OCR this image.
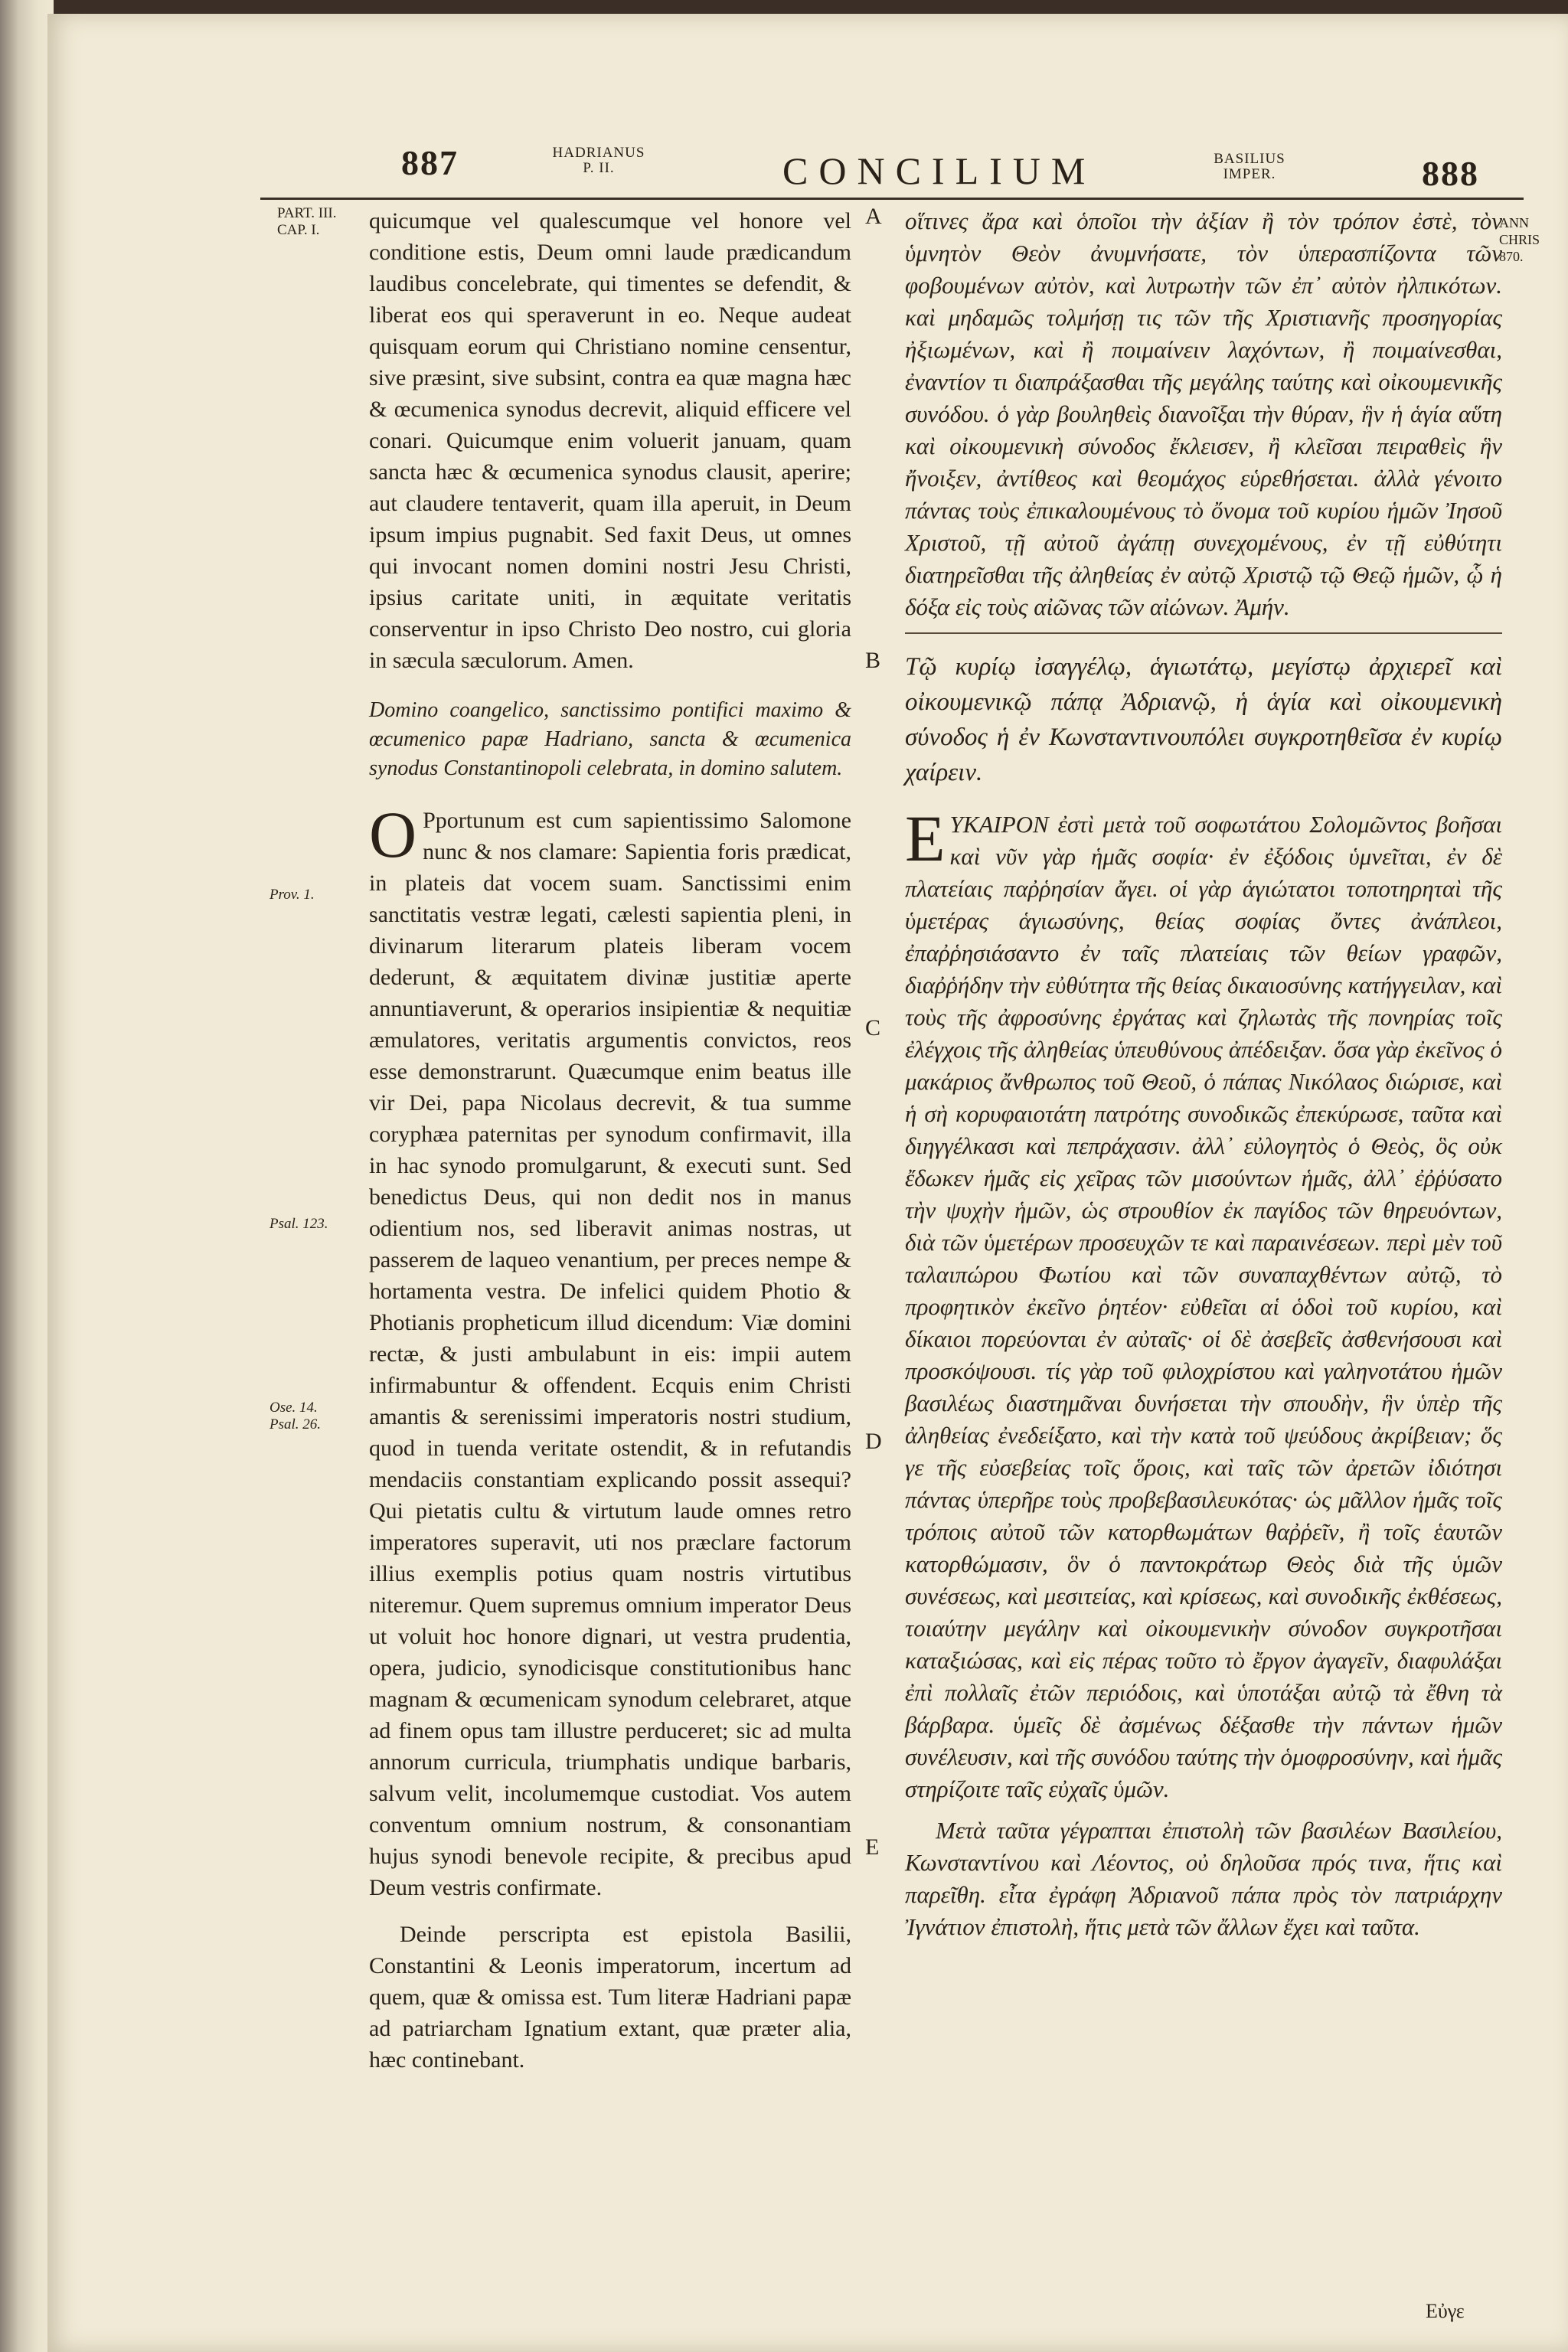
887	HADRIANUS
P. II.	CONCILIUM	BASILIUS
IMPER.	888
PART. III.
CAP. I.
Prov. 1.
Psal. 123.
Ose. 14.
Psal. 26.
ANN
CHRIS
870.
A
B
C
D
E

quicumque vel qualescumque vel honore vel conditione estis, Deum omni laude prædicandum laudibus concelebrate, qui timentes se defendit, & liberat eos qui speraverunt in eo. Neque audeat quisquam eorum qui Christiano nomine censentur, sive præsint, sive subsint, contra ea quæ magna hæc & œcumenica synodus decrevit, aliquid efficere vel conari. Quicumque enim voluerit januam, quam sancta hæc & œcumenica synodus clausit, aperire; aut claudere tentaverit, quam illa aperuit, in Deum ipsum impius pugnabit. Sed faxit Deus, ut omnes qui invocant nomen domini nostri Jesu Christi, ipsius caritate uniti, in æquitate veritatis conserventur in ipso Christo Deo nostro, cui gloria in sæcula sæculorum. Amen.

Domino coangelico, sanctissimo pontifici maximo & œcumenico papæ Hadriano, sancta & œcumenica synodus Constantinopoli celebrata, in domino salutem.

O Pportunum est cum sapientissimo Salomone nunc & nos clamare: Sapientia foris prædicat, in plateis dat vocem suam. Sanctissimi enim sanctitatis vestræ legati, cælesti sapientia pleni, in divinarum literarum plateis liberam vocem dederunt, & æquitatem divinæ justitiæ aperte annuntiaverunt, & operarios insipientiæ & nequitiæ æmulatores, veritatis argumentis convictos, reos esse demonstrarunt. Quæcumque enim beatus ille vir Dei, papa Nicolaus decrevit, & tua summe coryphæa paternitas per synodum confirmavit, illa in hac synodo promulgarunt, & executi sunt. Sed benedictus Deus, qui non dedit nos in manus odientium nos, sed liberavit animas nostras, ut passerem de laqueo venantium, per preces nempe & hortamenta vestra. De infelici quidem Photio & Photianis propheticum illud dicendum: Viæ domini rectæ, & justi ambulabunt in eis: impii autem infirmabuntur & offendent. Ecquis enim Christi amantis & serenissimi imperatoris nostri studium, quod in tuenda veritate ostendit, & in refutandis mendaciis constantiam explicando possit assequi? Qui pietatis cultu & virtutum laude omnes retro imperatores superavit, uti nos præclare factorum illius exemplis potius quam nostris virtutibus niteremur. Quem supremus omnium imperator Deus ut voluit hoc honore dignari, ut vestra prudentia, opera, judicio, synodicisque constitutionibus hanc magnam & œcumenicam synodum celebraret, atque ad finem opus tam illustre perduceret; sic ad multa annorum curricula, triumphatis undique barbaris, salvum velit, incolumemque custodiat. Vos autem conventum omnium nostrum, & consonantiam hujus synodi benevole recipite, & precibus apud Deum vestris confirmate.

Deinde perscripta est epistola Basilii, Constantini & Leonis imperatorum, incertum ad quem, quæ & omissa est. Tum literæ Hadriani papæ ad patriarcham Ignatium extant, quæ præter alia, hæc continebant.

οἵτινες ἄρα καὶ ὁποῖοι τὴν ἀξίαν ἢ τὸν τρόπον ἐστὲ, τὸν ὑμνητὸν Θεὸν ἀνυμνήσατε, τὸν ὑπερασπίζοντα τῶν φοβουμένων αὐτὸν, καὶ λυτρωτὴν τῶν ἐπ᾽ αὐτὸν ἠλπικότων. καὶ μηδαμῶς τολμήσῃ τις τῶν τῆς Χριστιανῆς προσηγορίας ἠξιωμένων, καὶ ἢ ποιμαίνειν λαχόντων, ἢ ποιμαίνεσθαι, ἐναντίον τι διαπράξασθαι τῆς μεγάλης ταύτης καὶ οἰκουμενικῆς συνόδου. ὁ γὰρ βουληθεὶς διανοῖξαι τὴν θύραν, ἣν ἡ ἁγία αὕτη καὶ οἰκουμενικὴ σύνοδος ἔκλεισεν, ἢ κλεῖσαι πειραθεὶς ἣν ἤνοιξεν, ἀντίθεος καὶ θεομάχος εὑρεθήσεται. ἀλλὰ γένοιτο πάντας τοὺς ἐπικαλουμένους τὸ ὄνομα τοῦ κυρίου ἡμῶν Ἰησοῦ Χριστοῦ, τῇ αὐτοῦ ἀγάπῃ συνεχομένους, ἐν τῇ εὐθύτητι διατηρεῖσθαι τῆς ἀληθείας ἐν αὐτῷ Χριστῷ τῷ Θεῷ ἡμῶν, ᾧ ἡ δόξα εἰς τοὺς αἰῶνας τῶν αἰώνων. Ἀμήν.

Τῷ κυρίῳ ἰσαγγέλῳ, ἁγιωτάτῳ, μεγίστῳ ἀρχιερεῖ καὶ οἰκουμενικῷ πάπᾳ Ἀδριανῷ, ἡ ἁγία καὶ οἰκουμενικὴ σύνοδος ἡ ἐν Κωνσταντινουπόλει συγκροτηθεῖσα ἐν κυρίῳ χαίρειν.

ΕΥΚΑΙΡΟΝ ἐστὶ μετὰ τοῦ σοφωτάτου Σολομῶντος βοῆσαι καὶ νῦν γὰρ ἡμᾶς σοφία· ἐν ἐξόδοις ὑμνεῖται, ἐν δὲ πλατείαις παῤῥησίαν ἄγει. οἱ γὰρ ἁγιώτατοι τοποτηρηταὶ τῆς ὑμετέρας ἁγιωσύνης, θείας σοφίας ὄντες ἀνάπλεοι, ἐπαῤῥησιάσαντο ἐν ταῖς πλατείαις τῶν θείων γραφῶν, διαῤῥήδην τὴν εὐθύτητα τῆς θείας δικαιοσύνης κατήγγειλαν, καὶ τοὺς τῆς ἀφροσύνης ἐργάτας καὶ ζηλωτὰς τῆς πονηρίας τοῖς ἐλέγχοις τῆς ἀληθείας ὑπευθύνους ἀπέδειξαν. ὅσα γὰρ ἐκεῖνος ὁ μακάριος ἄνθρωπος τοῦ Θεοῦ, ὁ πάπας Νικόλαος διώρισε, καὶ ἡ σὴ κορυφαιοτάτη πατρότης συνοδικῶς ἐπεκύρωσε, ταῦτα καὶ διηγγέλκασι καὶ πεπράχασιν. ἀλλ᾽ εὐλογητὸς ὁ Θεὸς, ὃς οὐκ ἔδωκεν ἡμᾶς εἰς χεῖρας τῶν μισούντων ἡμᾶς, ἀλλ᾽ ἐῤῥύσατο τὴν ψυχὴν ἡμῶν, ὡς στρουθίον ἐκ παγίδος τῶν θηρευόντων, διὰ τῶν ὑμετέρων προσευχῶν τε καὶ παραινέσεων. περὶ μὲν τοῦ ταλαιπώρου Φωτίου καὶ τῶν συναπαχθέντων αὐτῷ, τὸ προφητικὸν ἐκεῖνο ῥητέον· εὐθεῖαι αἱ ὁδοὶ τοῦ κυρίου, καὶ δίκαιοι πορεύονται ἐν αὐταῖς· οἱ δὲ ἀσεβεῖς ἀσθενήσουσι καὶ προσκόψουσι. τίς γὰρ τοῦ φιλοχρίστου καὶ γαληνοτάτου ἡμῶν βασιλέως διαστημᾶναι δυνήσεται τὴν σπουδὴν, ἣν ὑπὲρ τῆς ἀληθείας ἐνεδείξατο, καὶ τὴν κατὰ τοῦ ψεύδους ἀκρίβειαν; ὅς γε τῆς εὐσεβείας τοῖς ὅροις, καὶ ταῖς τῶν ἀρετῶν ἰδιότησι πάντας ὑπερῆρε τοὺς προβεβασιλευκότας· ὡς μᾶλλον ἡμᾶς τοῖς τρόποις αὐτοῦ τῶν κατορθωμάτων θαῤῥεῖν, ἢ τοῖς ἑαυτῶν κατορθώμασιν, ὃν ὁ παντοκράτωρ Θεὸς διὰ τῆς ὑμῶν συνέσεως, καὶ μεσιτείας, καὶ κρίσεως, καὶ συνοδικῆς ἐκθέσεως, τοιαύτην μεγάλην καὶ οἰκουμενικὴν σύνοδον συγκροτῆσαι καταξιώσας, καὶ εἰς πέρας τοῦτο τὸ ἔργον ἀγαγεῖν, διαφυλάξαι ἐπὶ πολλαῖς ἐτῶν περιόδοις, καὶ ὑποτάξαι αὐτῷ τὰ ἔθνη τὰ βάρβαρα. ὑμεῖς δὲ ἀσμένως δέξασθε τὴν πάντων ἡμῶν συνέλευσιν, καὶ τῆς συνόδου ταύτης τὴν ὁμοφροσύνην, καὶ ἡμᾶς στηρίζοιτε ταῖς εὐχαῖς ὑμῶν.

Μετὰ ταῦτα γέγραπται ἐπιστολὴ τῶν βασιλέων Βασιλείου, Κωνσταντίνου καὶ Λέοντος, οὐ δηλοῦσα πρός τινα, ἥτις καὶ παρεῖθη. εἶτα ἐγράφη Ἀδριανοῦ πάπα πρὸς τὸν πατριάρχην Ἰγνάτιον ἐπιστολὴ, ἥτις μετὰ τῶν ἄλλων ἔχει καὶ ταῦτα.

Εὐγε
